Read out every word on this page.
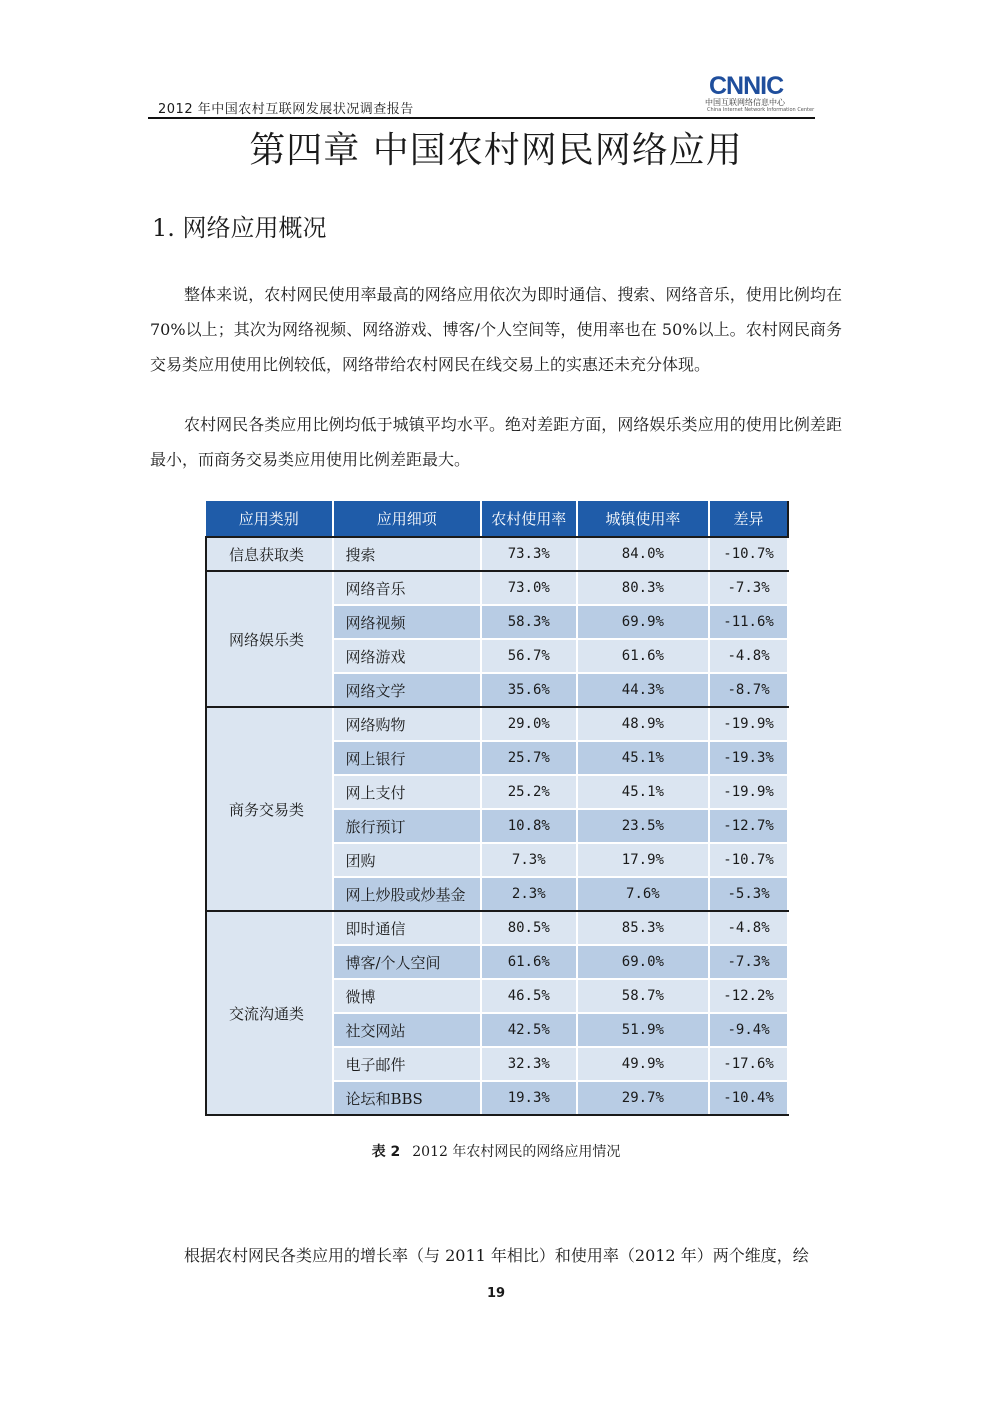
2012 年中国农村互联网发展状况调查报告
CNNIC
中国互联网络信息中心
China Internet Network Information Center
第四章 中国农村网民网络应用
1. 网络应用概况
整体来说，农村网民使用率最高的网络应用依次为即时通信、搜索、网络音乐，使用比例均在 70%以上；其次为网络视频、网络游戏、博客/个人空间等，使用率也在 50%以上。农村网民商务交易类应用使用比例较低，网络带给农村网民在线交易上的实惠还未充分体现。
农村网民各类应用比例均低于城镇平均水平。绝对差距方面，网络娱乐类应用的使用比例差距最小，而商务交易类应用使用比例差距最大。
应用类别	应用细项	农村使用率	城镇使用率	差异
信息获取类	搜索	73.3%	84.0%	-10.7%
网络娱乐类	网络音乐	73.0%	80.3%	-7.3%
	网络视频	58.3%	69.9%	-11.6%
	网络游戏	56.7%	61.6%	-4.8%
	网络文学	35.6%	44.3%	-8.7%
商务交易类	网络购物	29.0%	48.9%	-19.9%
	网上银行	25.7%	45.1%	-19.3%
	网上支付	25.2%	45.1%	-19.9%
	旅行预订	10.8%	23.5%	-12.7%
	团购	7.3%	17.9%	-10.7%
	网上炒股或炒基金	2.3%	7.6%	-5.3%
交流沟通类	即时通信	80.5%	85.3%	-4.8%
	博客/个人空间	61.6%	69.0%	-7.3%
	微博	46.5%	58.7%	-12.2%
	社交网站	42.5%	51.9%	-9.4%
	电子邮件	32.3%	49.9%	-17.6%
	论坛和BBS	19.3%	29.7%	-10.4%
表 2 2012 年农村网民的网络应用情况
根据农村网民各类应用的增长率（与 2011 年相比）和使用率（2012 年）两个维度，绘
19
